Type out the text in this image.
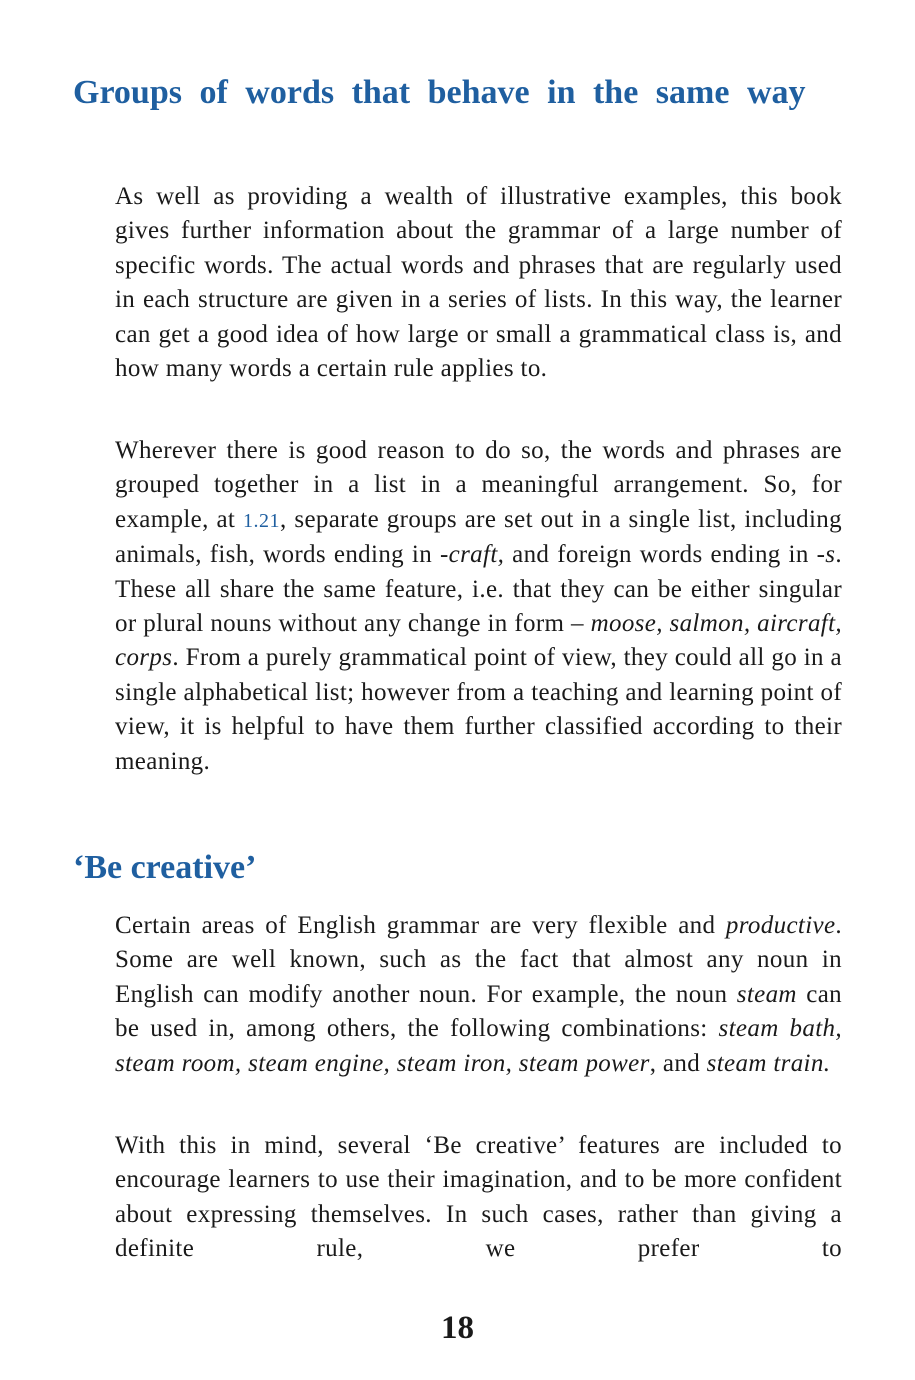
Groups of words that behave in the same way

As well as providing a wealth of illustrative examples, this book gives further information about the grammar of a large number of specific words. The actual words and phrases that are regularly used in each structure are given in a series of lists. In this way, the learner can get a good idea of how large or small a grammatical class is, and how many words a certain rule applies to.

Wherever there is good reason to do so, the words and phrases are grouped together in a list in a meaningful arrangement. So, for example, at 1.21, separate groups are set out in a single list, including animals, fish, words ending in -craft, and foreign words ending in -s. These all share the same feature, i.e. that they can be either singular or plural nouns without any change in form – moose, salmon, aircraft, corps. From a purely grammatical point of view, they could all go in a single alphabetical list; however from a teaching and learning point of view, it is helpful to have them further classified according to their meaning.

‘Be creative’

Certain areas of English grammar are very flexible and productive. Some are well known, such as the fact that almost any noun in English can modify another noun. For example, the noun steam can be used in, among others, the following combinations: steam bath, steam room, steam engine, steam iron, steam power, and steam train.

With this in mind, several ‘Be creative’ features are included to encourage learners to use their imagination, and to be more confident about expressing themselves. In such cases, rather than giving a definite rule, we prefer to

18
